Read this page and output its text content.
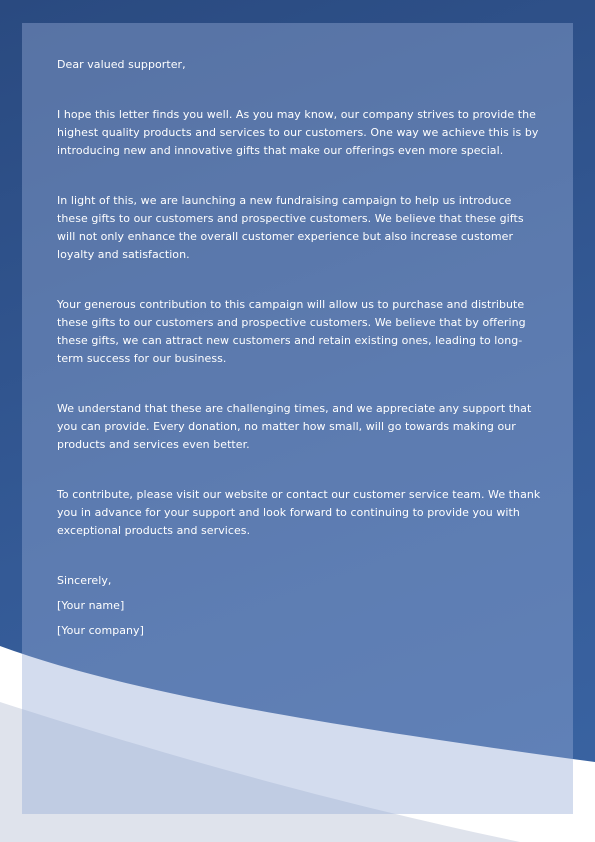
Dear valued supporter,

I hope this letter finds you well. As you may know, our company strives to provide the highest quality products and services to our customers. One way we achieve this is by introducing new and innovative gifts that make our offerings even more special.

In light of this, we are launching a new fundraising campaign to help us introduce these gifts to our customers and prospective customers. We believe that these gifts will not only enhance the overall customer experience but also increase customer loyalty and satisfaction.

Your generous contribution to this campaign will allow us to purchase and distribute these gifts to our customers and prospective customers. We believe that by offering these gifts, we can attract new customers and retain existing ones, leading to long-term success for our business.

We understand that these are challenging times, and we appreciate any support that you can provide. Every donation, no matter how small, will go towards making our products and services even better.

To contribute, please visit our website or contact our customer service team. We thank you in advance for your support and look forward to continuing to provide you with exceptional products and services.

Sincerely,

[Your name]

[Your company]
